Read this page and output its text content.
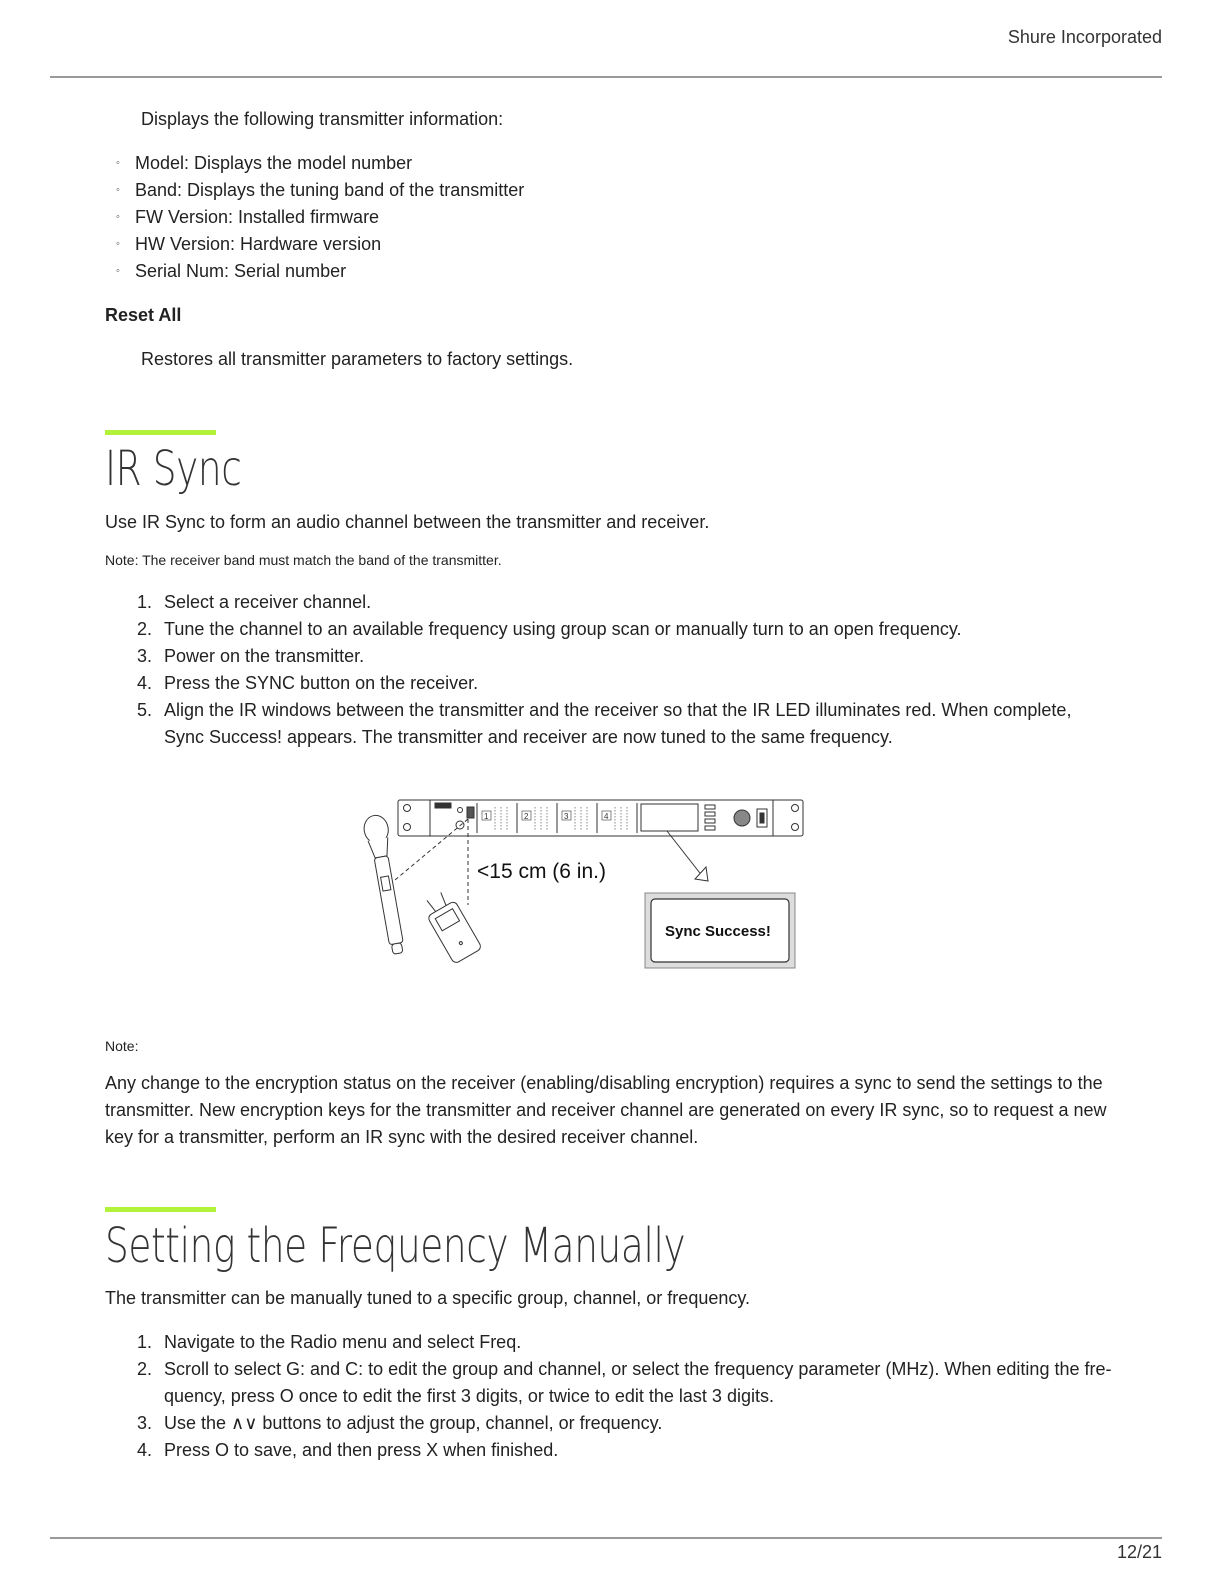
Shure Incorporated
Displays the following transmitter information:
◦ Model: Displays the model number
◦ Band: Displays the tuning band of the transmitter
◦ FW Version: Installed firmware
◦ HW Version: Hardware version
◦ Serial Num: Serial number
Reset All
Restores all transmitter parameters to factory settings.
IR Sync
Use IR Sync to form an audio channel between the transmitter and receiver.
Note: The receiver band must match the band of the transmitter.
1. Select a receiver channel.
2. Tune the channel to an available frequency using group scan or manually turn to an open frequency.
3. Power on the transmitter.
4. Press the SYNC button on the receiver.
5. Align the IR windows between the transmitter and the receiver so that the IR LED illuminates red. When complete, Sync Success! appears. The transmitter and receiver are now tuned to the same frequency.
1	2	3	4
<15 cm (6 in.)
Sync Success!
Note:
Any change to the encryption status on the receiver (enabling/disabling encryption) requires a sync to send the settings to the transmitter. New encryption keys for the transmitter and receiver channel are generated on every IR sync, so to request a new key for a transmitter, perform an IR sync with the desired receiver channel.
Setting the Frequency Manually
The transmitter can be manually tuned to a specific group, channel, or frequency.
1. Navigate to the Radio menu and select Freq.
2. Scroll to select G: and C: to edit the group and channel, or select the frequency parameter (MHz). When editing the fre-quency, press O once to edit the first 3 digits, or twice to edit the last 3 digits.
3. Use the ∧∨ buttons to adjust the group, channel, or frequency.
4. Press O to save, and then press X when finished.
12/21
